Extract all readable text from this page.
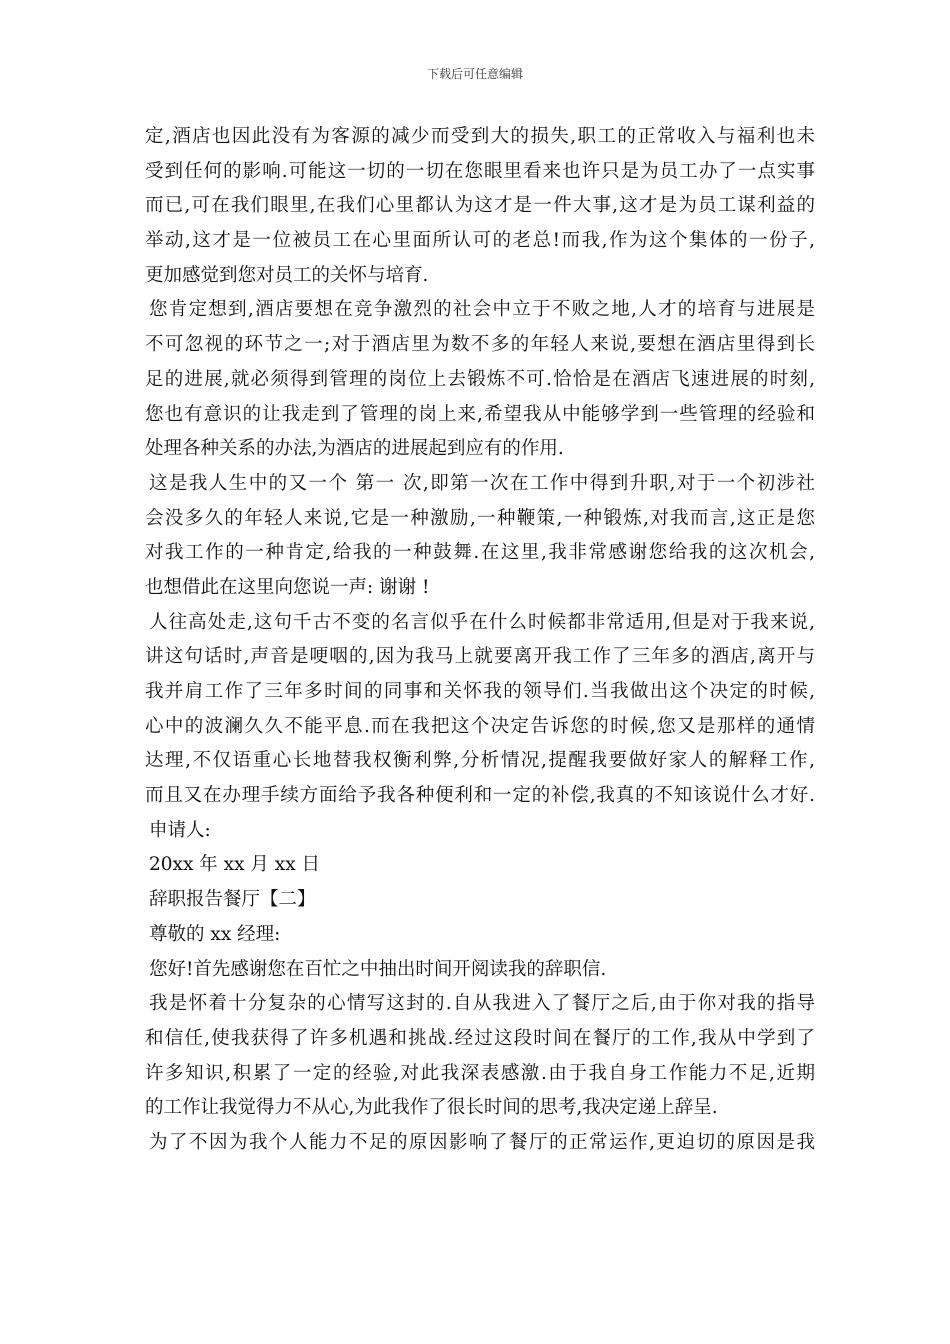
下载后可任意编辑
定,酒店也因此没有为客源的减少而受到大的损失,职工的正常收入与福利也未
受到任何的影响.可能这一切的一切在您眼里看来也许只是为员工办了一点实事
而已,可在我们眼里,在我们心里都认为这才是一件大事,这才是为员工谋利益的
举动,这才是一位被员工在心里面所认可的老总!而我,作为这个集体的一份子,
更加感觉到您对员工的关怀与培育.
您肯定想到,酒店要想在竞争激烈的社会中立于不败之地,人才的培育与进展是
不可忽视的环节之一;对于酒店里为数不多的年轻人来说,要想在酒店里得到长
足的进展,就必须得到管理的岗位上去锻炼不可.恰恰是在酒店飞速进展的时刻,
您也有意识的让我走到了管理的岗上来,希望我从中能够学到一些管理的经验和
处理各种关系的办法,为酒店的进展起到应有的作用.
这是我人生中的又一个 第一 次,即第一次在工作中得到升职,对于一个初涉社
会没多久的年轻人来说,它是一种激励,一种鞭策,一种锻炼,对我而言,这正是您
对我工作的一种肯定,给我的一种鼓舞.在这里,我非常感谢您给我的这次机会,
也想借此在这里向您说一声: 谢谢 !
人往高处走,这句千古不变的名言似乎在什么时候都非常适用,但是对于我来说,
讲这句话时,声音是哽咽的,因为我马上就要离开我工作了三年多的酒店,离开与
我并肩工作了三年多时间的同事和关怀我的领导们.当我做出这个决定的时候,
心中的波澜久久不能平息.而在我把这个决定告诉您的时候,您又是那样的通情
达理,不仅语重心长地替我权衡利弊,分析情况,提醒我要做好家人的解释工作,
而且又在办理手续方面给予我各种便利和一定的补偿,我真的不知该说什么才好.
申请人:
20xx 年 xx 月 xx 日
辞职报告餐厅【二】
尊敬的 xx 经理:
您好!首先感谢您在百忙之中抽出时间开阅读我的辞职信.
我是怀着十分复杂的心情写这封的.自从我进入了餐厅之后,由于你对我的指导
和信任,使我获得了许多机遇和挑战.经过这段时间在餐厅的工作,我从中学到了
许多知识,积累了一定的经验,对此我深表感激.由于我自身工作能力不足,近期
的工作让我觉得力不从心,为此我作了很长时间的思考,我决定递上辞呈.
为了不因为我个人能力不足的原因影响了餐厅的正常运作,更迫切的原因是我
